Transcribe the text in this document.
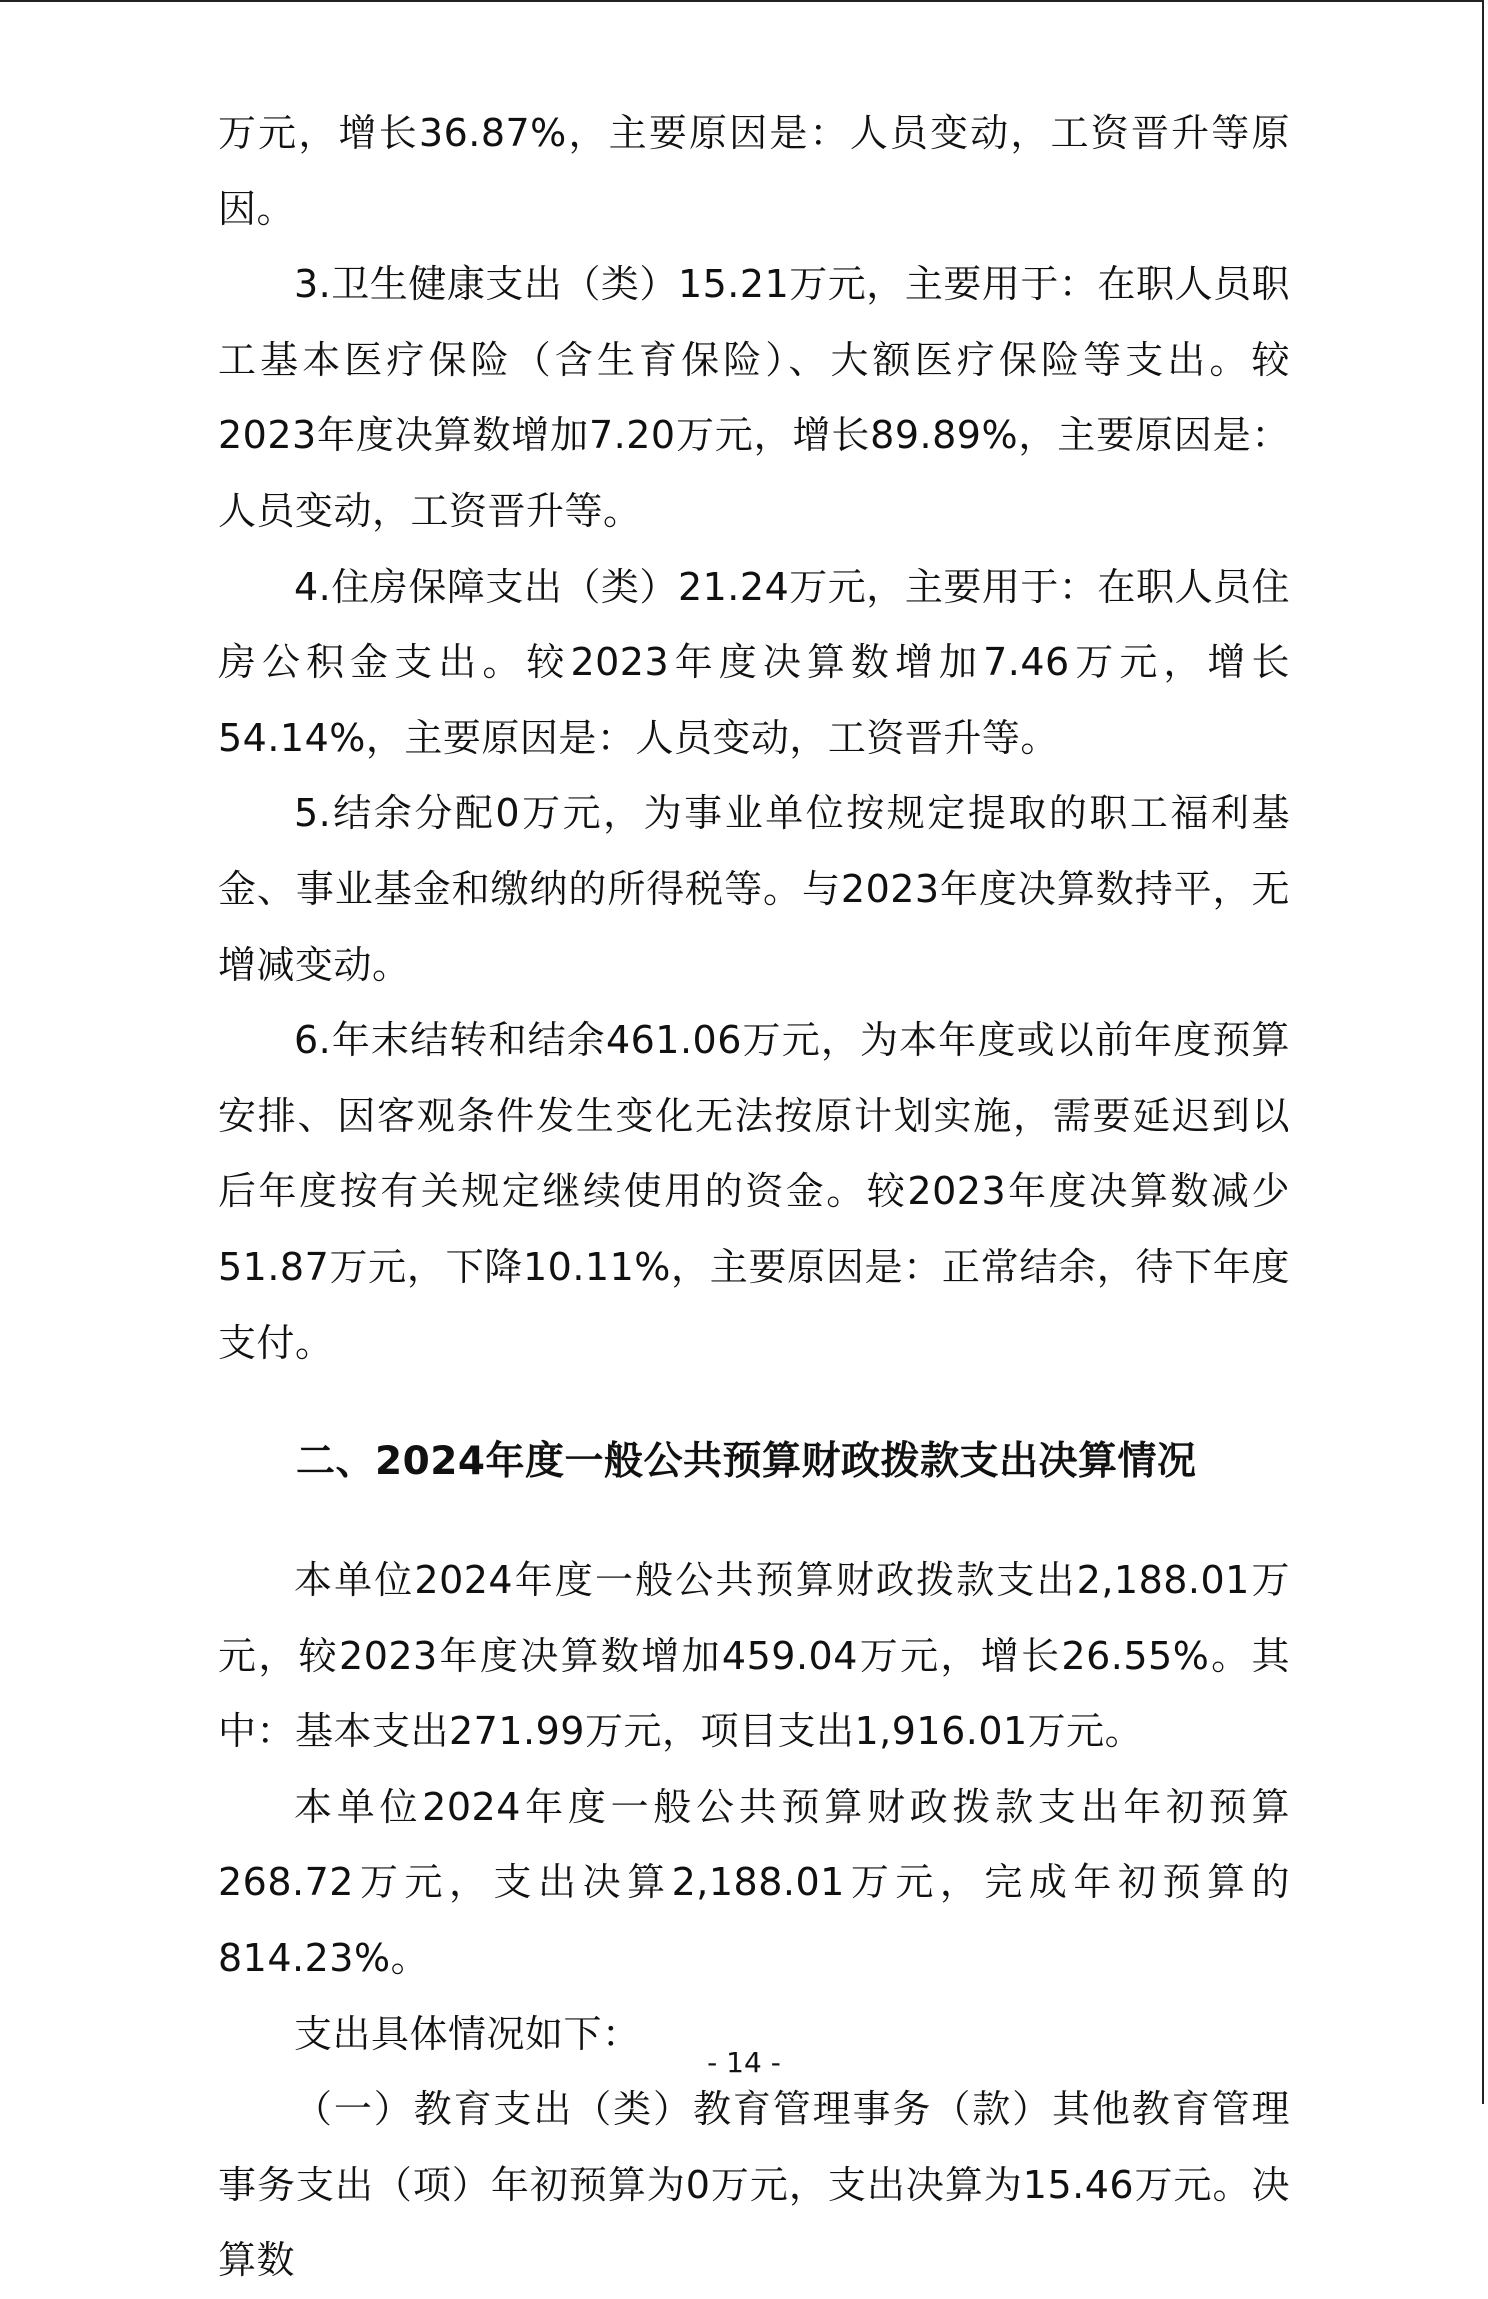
万元，增长36.87%，主要原因是：人员变动，工资晋升等原因。

3.卫生健康支出（类）15.21万元，主要用于：在职人员职工基本医疗保险（含生育保险）、大额医疗保险等支出。较2023年度决算数增加7.20万元，增长89.89%，主要原因是：人员变动，工资晋升等。

4.住房保障支出（类）21.24万元，主要用于：在职人员住房公积金支出。较2023年度决算数增加7.46万元，增长54.14%，主要原因是：人员变动，工资晋升等。

5.结余分配0万元，为事业单位按规定提取的职工福利基金、事业基金和缴纳的所得税等。与2023年度决算数持平，无增减变动。

6.年末结转和结余461.06万元，为本年度或以前年度预算安排、因客观条件发生变化无法按原计划实施，需要延迟到以后年度按有关规定继续使用的资金。较2023年度决算数减少51.87万元，下降10.11%，主要原因是：正常结余，待下年度支付。

二、2024年度一般公共预算财政拨款支出决算情况

本单位2024年度一般公共预算财政拨款支出2,188.01万元，较2023年度决算数增加459.04万元，增长26.55%。其中：基本支出271.99万元，项目支出1,916.01万元。

本单位2024年度一般公共预算财政拨款支出年初预算268.72万元，支出决算2,188.01万元，完成年初预算的814.23%。

支出具体情况如下：

（一）教育支出（类）教育管理事务（款）其他教育管理事务支出（项）年初预算为0万元，支出决算为15.46万元。决算数

- 14 -
